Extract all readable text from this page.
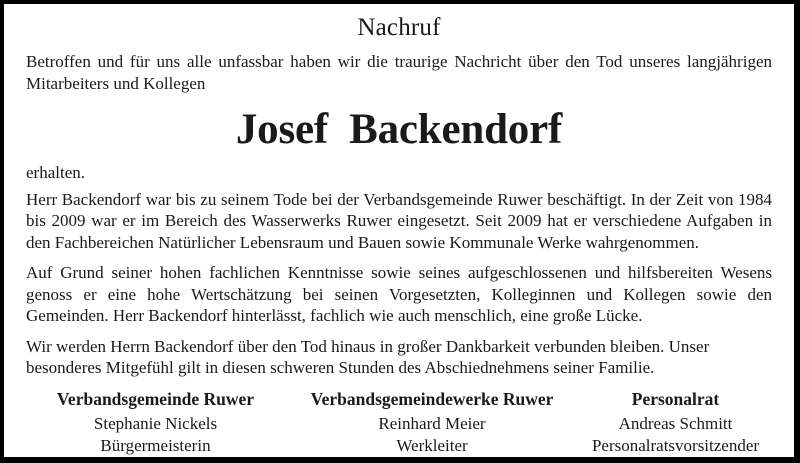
Nachruf

Betroffen und für uns alle unfassbar haben wir die traurige Nachricht über den Tod unseres langjährigen Mitarbeiters und Kollegen

Josef  Backendorf

erhalten.

Herr Backendorf war bis zu seinem Tode bei der Verbandsgemeinde Ruwer beschäftigt. In der Zeit von 1984 bis 2009 war er im Bereich des Wasserwerks Ruwer eingesetzt. Seit 2009 hat er verschiedene Aufgaben in den Fachbereichen Natürlicher Lebensraum und Bauen sowie Kommunale Werke wahrgenommen.

Auf Grund seiner hohen fachlichen Kenntnisse sowie seines aufgeschlossenen und hilfsbereiten Wesens genoss er eine hohe Wertschätzung bei seinen Vorgesetzten, Kolleginnen und Kollegen sowie den Gemeinden. Herr Backendorf hinterlässt, fachlich wie auch menschlich, eine große Lücke.

Wir werden Herrn Backendorf über den Tod hinaus in großer Dankbarkeit verbunden bleiben. Unser besonderes Mitgefühl gilt in diesen schweren Stunden des Abschiednehmens seiner Familie.

Verbandsgemeinde Ruwer
Stephanie Nickels
Bürgermeisterin
Verbandsgemeindewerke Ruwer
Reinhard Meier
Werkleiter
Personalrat
Andreas Schmitt
Personalratsvorsitzender
